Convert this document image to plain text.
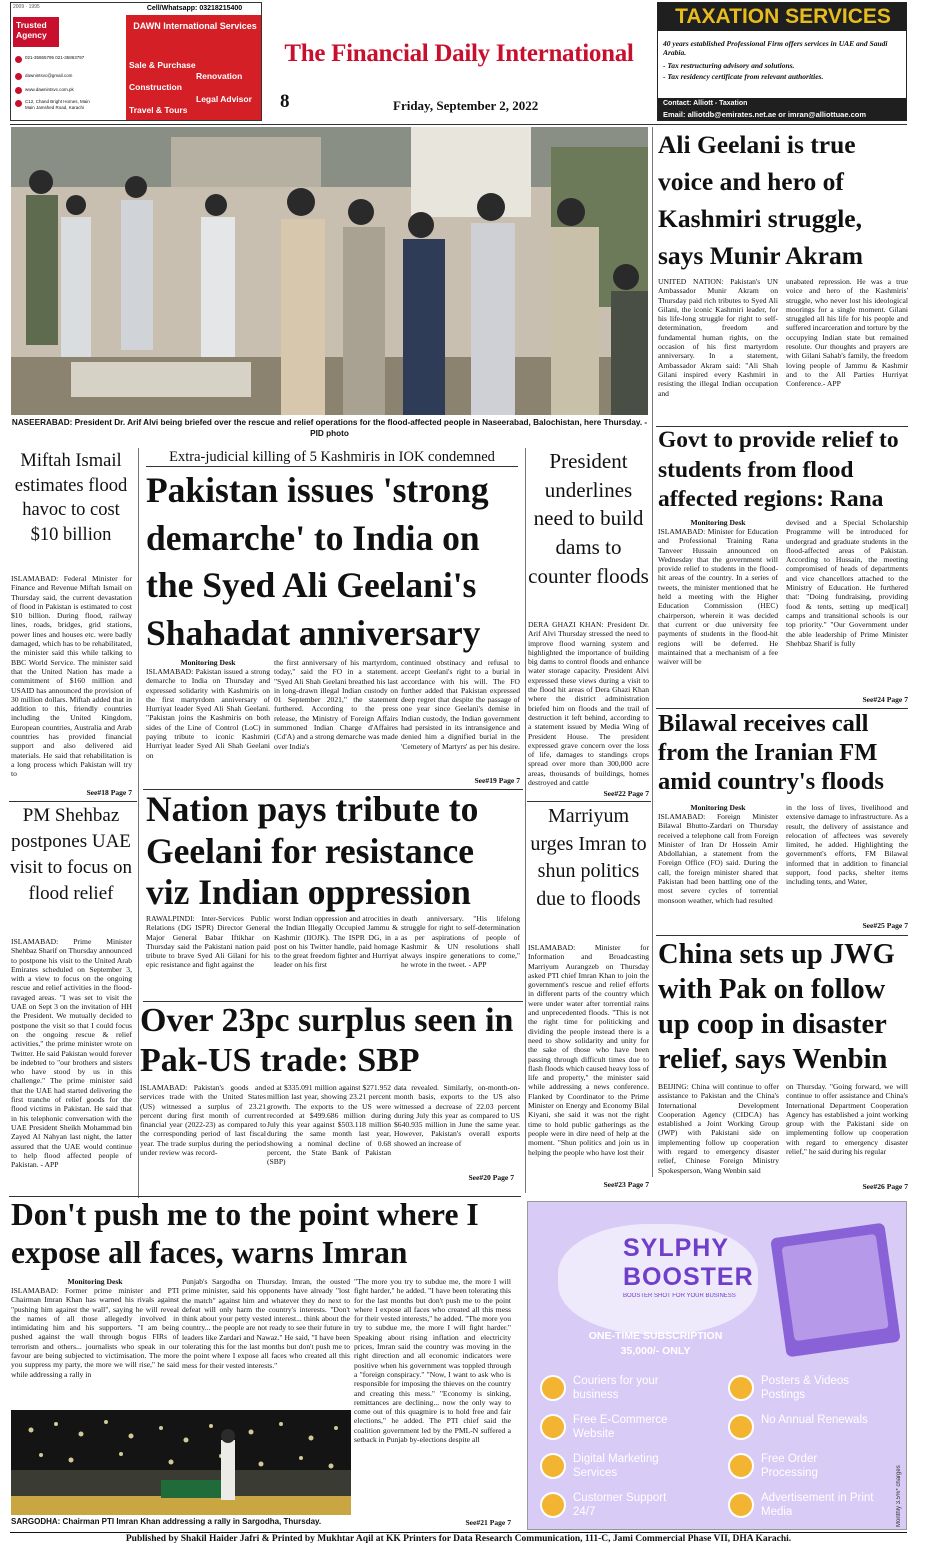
2009 · 1995
Trusted Agency
021-35865795 021-35863797
dawnintsvc@gmail.com
www.dawnintsvc.com.pk
C12, Chand Bright Homes, Main Main Jamshed Road, Karachi
Cell/Whatsapp: 03218215400
DAWN International Services
Sale & Purchase
Renovation
Construction
Legal Advisor
Travel & Tours
The Financial Daily International
8	Friday, September 2, 2022
TAXATION SERVICES
40 years established Professional Firm offers services in UAE and Saudi Arabia.
- Tax restructuring advisory and solutions.
- Tax residency certificate from relevant authorities.
Contact: Alliott - Taxation
Email: alliotdb@emirates.net.ae or imran@alliottuae.com
NASEERABAD: President Dr. Arif Alvi being briefed over the rescue and relief operations for the flood-affected people in Naseerabad, Balochistan, here Thursday. - PID photo
Ali Geelani is true voice and hero of Kashmiri struggle, says Munir Akram
UNITED NATION: Pakistan's UN Ambassador Munir Akram on Thursday paid rich tributes to Syed Ali Gilani, the iconic Kashmiri leader, for his life-long struggle for right to self-determination, freedom and fundamental human rights, on the occasion of his first martyrdom anniversary. In a statement, Ambassador Akram said: "Ali Shah Gilani inspired every Kashmiri in resisting the illegal Indian occupation and
unabated repression. He was a true voice and hero of the Kashmiris' struggle, who never lost his ideological moorings for a single moment. Gilani struggled all his life for his people and suffered incarceration and torture by the occupying Indian state but remained resolute. Our thoughts and prayers are with Gilani Sahab's family, the freedom loving people of Jammu & Kashmir and to the All Parties Hurriyat Conference.- APP
Miftah Ismail estimates flood havoc to cost $10 billion
ISLAMABAD: Federal Minister for Finance and Revenue Miftah Ismail on Thursday said, the current devastation of flood in Pakistan is estimated to cost $10 billion. During flood, railway lines, roads, bridges, grid stations, power lines and houses etc. were badly damaged, which has to be rehabilitated, the minister said this while talking to BBC World Service. The minister said that the United Nation has made a commitment of $160 million and USAID has announced the provision of 30 million dollars. Miftah added that in addition to this, friendly countries including the United Kingdom, European countries, Australia and Arab countries has provided financial support and also delivered aid materials. He said that rehabilitation is a long process which Pakistan will try to
See#18 Page 7
Extra-judicial killing of 5 Kashmiris in IOK condemned
Pakistan issues 'strong demarche' to India on the Syed Ali Geelani's Shahadat anniversary
Monitoring Desk
ISLAMABAD: Pakistan issued a strong demarche to India on Thursday and expressed solidarity with Kashmiris on the first martyrdom anniversary of Hurriyat leader Syed Ali Shah Geelani. "Pakistan joins the Kashmiris on both sides of the Line of Control (LoC) in paying tribute to iconic Kashmiri Hurriyat leader Syed Ali Shah Geelani on
the first anniversary of his martyrdom, today," said the FO in a statement. "Syed Ali Shah Geelani breathed his last in long-drawn illegal Indian custody on 01 September 2021," the statement furthered. According to the press release, the Ministry of Foreign Affairs summoned Indian Charge d'Affaires (Cd'A) and a strong demarche was made over India's
continued obstinacy and refusal to accept Geelani's right to a burial in accordance with his will. The FO further added that Pakistan expressed deep regret that despite the passage of one year since Geelani's demise in Indian custody, the Indian government had persisted in its intransigence and denied him a dignified burial in the 'Cemetery of Martyrs' as per his desire.
See#19 Page 7
President underlines need to build dams to counter floods
DERA GHAZI KHAN: President Dr. Arif Alvi Thursday stressed the need to improve flood warning system and highlighted the importance of building big dams to control floods and enhance water storage capacity. President Alvi expressed these views during a visit to the flood hit areas of Dera Ghazi Khan where the district administration briefed him on floods and the trail of destruction it left behind, according to a statement issued by Media Wing of President House. The president expressed grave concern over the loss of life, damages to standings crops spread over more than 300,000 acre areas, thousands of buildings, homes destroyed and cattle
See#22 Page 7
Govt to provide relief to students from flood affected regions: Rana
Monitoring Desk
ISLAMABAD: Minister for Education and Professional Training Rana Tanveer Hussain announced on Wednesday that the government will provide relief to students in the flood-hit areas of the country. In a series of tweets, the minister mentioned that he held a meeting with the Higher Education Commission (HEC) chairperson, wherein it was decided that current or due university fee payments of students in the flood-hit regions will be deferred. He maintained that a mechanism of a fee waiver will be
devised and a Special Scholarship Programme will be introduced for undergrad and graduate students in the flood-affected areas of Pakistan. According to Hussain, the meeting compromised of heads of departments and vice chancellors attached to the Ministry of Education. He furthered that: "Doing fundraising, providing food & tents, setting up med[ical] camps and transitional schools is our top priority." "Our Government under the able leadership of Prime Minister Shehbaz Sharif is fully
See#24 Page 7
PM Shehbaz postpones UAE visit to focus on flood relief
ISLAMABAD: Prime Minister Shehbaz Sharif on Thursday announced to postpone his visit to the United Arab Emirates scheduled on September 3, with a view to focus on the ongoing rescue and relief activities in the flood-ravaged areas. "I was set to visit the UAE on Sept 3 on the invitation of HH the President. We mutually decided to postpone the visit so that I could focus on the ongoing rescue & relief activities," the prime minister wrote on Twitter. He said Pakistan would forever be indebted to "our brothers and sisters who have stood by us in this challenge." The prime minister said that the UAE had started delivering the first tranche of relief goods for the flood victims in Pakistan. He said that in his telephonic conversation with the UAE President Sheikh Mohammad bin Zayed Al Nahyan last night, the latter assured that the UAE would continue to help flood affected people of Pakistan. - APP
Nation pays tribute to Geelani for resistance viz Indian oppression
RAWALPINDI: Inter-Services Public Relations (DG ISPR) Director General Major General Babar Iftikhar on Thursday said the Pakistani nation paid tribute to brave Syed Ali Gilani for his epic resistance and fight against the
worst Indian oppression and atrocities in the Indian Illegally Occupied Jammu & Kashmir (IIOJK). The ISPR DG, in a post on his Twitter handle, paid homage to the great freedom fighter and Hurriyat leader on his first
death anniversary. "His lifelong struggle for right to self-determination as per aspirations of people of Kashmir & UN resolutions shall always inspire generations to come," he wrote in the tweet. - APP
Marriyum urges Imran to shun politics due to floods
ISLAMABAD: Minister for Information and Broadcasting Marriyum Aurangzeb on Thursday asked PTI chief Imran Khan to join the government's rescue and relief efforts in different parts of the country which were under water after torrential rains and unprecedented floods. "This is not the right time for politicking and dividing the people instead there is a need to show solidarity and unity for the sake of those who have been passing through difficult times due to flash floods which caused heavy loss of life and property," the minister said while addressing a news conference. Flanked by Coordinator to the Prime Minister on Energy and Economy Bilal Kiyani, she said it was not the right time to hold public gatherings as the people were in dire need of help at the moment. "Shun politics and join us in helping the people who have lost their
See#23 Page 7
Bilawal receives call from the Iranian FM amid country's floods
Monitoring Desk
ISLAMABAD: Foreign Minister Bilawal Bhutto-Zardari on Thursday received a telephone call from Foreign Minister of Iran Dr Hossein Amir Abdollahian, a statement from the Foreign Office (FO) said. During the call, the foreign minister shared that Pakistan had been battling one of the most severe cycles of torrential monsoon weather, which had resulted
in the loss of lives, livelihood and extensive damage to infrastructure. As a result, the delivery of assistance and relocation of affectees was severely limited, he added. Highlighting the government's efforts, FM Bilawal informed that in addition to financial support, food packs, shelter items including tents, and Water,
See#25 Page 7
Over 23pc surplus seen in Pak-US trade: SBP
ISLAMABAD: Pakistan's goods and services trade with the United States (US) witnessed a surplus of 23.21 percent during first month of current financial year (2022-23) as compared to the corresponding period of last fiscal year. The trade surplus during the period under review was record-
ed at $335.091 million against $271.952 million last year, showing 23.21 percent growth. The exports to the US were recorded at $499.686 million during July this year against $503.118 million during the same month last year, showing a nominal decline of 0.68 percent, the State Bank of Pakistan (SBP)
data revealed. Similarly, on-month-on-month basis, exports to the US also witnessed a decrease of 22.03 percent during July this year as compared to US $640.935 million in June the same year. However, Pakistan's overall exports showed an increase of
See#20 Page 7
China sets up JWG with Pak on follow up coop in disaster relief, says Wenbin
BEIJING: China will continue to offer assistance to Pakistan and the China's International Development Cooperation Agency (CIDCA) has established a Joint Working Group (JWP) with Pakistani side on implementing follow up cooperation with regard to emergency disaster relief, Chinese Foreign Ministry Spokesperson, Wang Wenbin said
on Thursday. "Going forward, we will continue to offer assistance and China's International Department Cooperation Agency has established a joint working group with the Pakistani side on implementing follow up cooperation with regard to emergency disaster relief," he said during his regular
See#26 Page 7
Don't push me to the point where I expose all faces, warns Imran
Monitoring Desk
ISLAMABAD: Former prime minister and PTI Chairman Imran Khan has warned his rivals against "pushing him against the wall", saying he will reveal the names of all those allegedly involved in intimidating him and his supporters. "I am being pushed against the wall through bogus FIRs of terrorism and others... journalists who speak in our favour are being subjected to victimisation. The more you suppress my party, the more we will rise," he said while addressing a rally in
Punjab's Sargodha on Thursday. Imran, the ousted prime minister, said his opponents have already "lost the match" against him and whatever they do next to defeat will only harm the country's interests. "Don't think about your petty vested interest... think about the country... the people are not ready to see their future in leaders like Zardari and Nawaz." He said, "I have been tolerating this for the last months but don't push me to the point where I expose all faces who created all this mess for their vested interests."
"The more you try to subdue me, the more I will fight harder," he added. "I have been tolerating this for the last months but don't push me to the point where I expose all faces who created all this mess for their vested interests," he added. "The more you try to subdue me, the more I will fight harder." Speaking about rising inflation and electricity prices, Imran said the country was moving in the right direction and all economic indicators were positive when his government was toppled through a "foreign conspiracy." "Now, I want to ask who is responsible for imposing the thieves on the country and creating this mess." "Economy is sinking, remittances are declining... now the only way to come out of this quagmire is to hold free and fair elections," he added. The PTI chief said the coalition government led by the PML-N suffered a setback in Punjab by-elections despite all
See#21 Page 7
SARGODHA: Chairman PTI Imran Khan addressing a rally in Sargodha, Thursday.
SYLPHY
BOOSTER
BOOSTER SHOT FOR YOUR BUSINESS
ONE-TIME SUBSCRIPTION
35,000/- ONLY
Couriers for your business
Posters & Videos Postings
Free E-Commerce Website
No Annual Renewals
Digital Marketing Services
Free Order Processing
Customer Support 24/7
Advertisement in Print Media	Monthly 3.5%* charges
Published by Shakil Haider Jafri & Printed by Mukhtar Aqil at KK Printers for Data Research Communication, 111-C, Jami Commercial Phase VII, DHA Karachi.
